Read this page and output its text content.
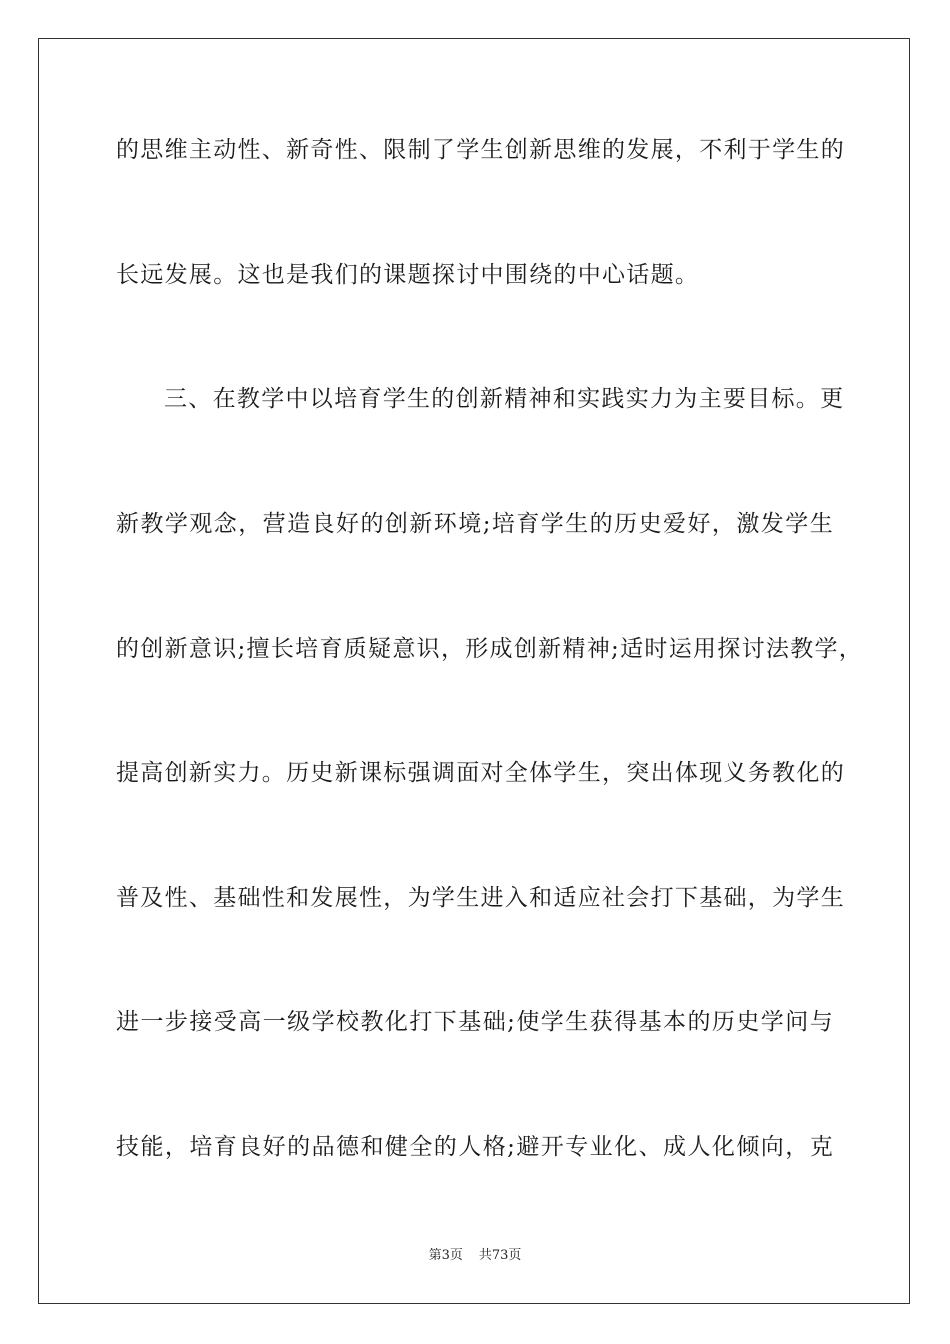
的思维主动性、新奇性、限制了学生创新思维的发展，不利于学生的
长远发展。这也是我们的课题探讨中围绕的中心话题。
三、在教学中以培育学生的创新精神和实践实力为主要目标。更
新教学观念，营造良好的创新环境;培育学生的历史爱好，激发学生
的创新意识;擅长培育质疑意识，形成创新精神;适时运用探讨法教学，
提高创新实力。历史新课标强调面对全体学生，突出体现义务教化的
普及性、基础性和发展性，为学生进入和适应社会打下基础，为学生
进一步接受高一级学校教化打下基础;使学生获得基本的历史学问与
技能，培育良好的品德和健全的人格;避开专业化、成人化倾向，克
第3页 共73页
